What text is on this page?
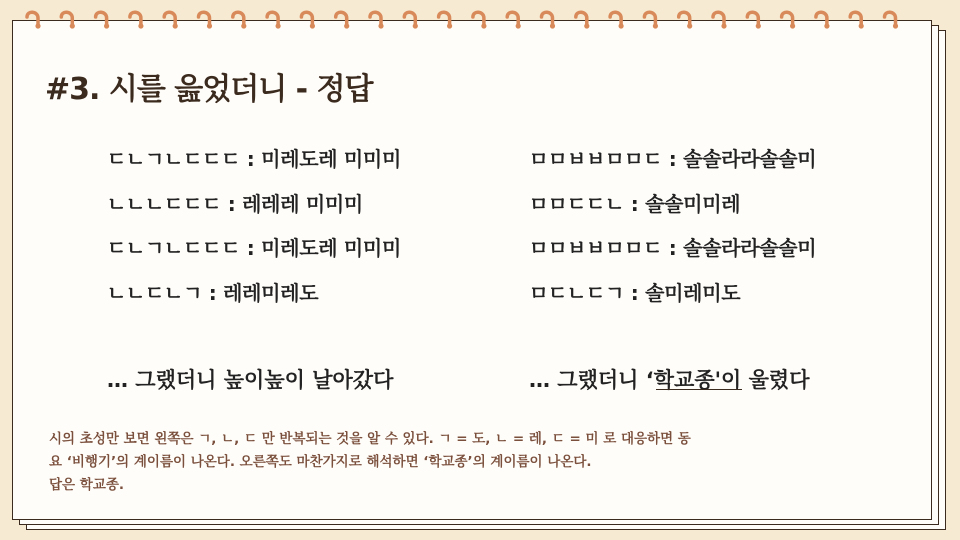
#3. 시를 읊었더니 - 정답
ㄷㄴㄱㄴㄷㄷㄷ : 미레도레 미미미
ㄴㄴㄴㄷㄷㄷ : 레레레 미미미
ㄷㄴㄱㄴㄷㄷㄷ : 미레도레 미미미
ㄴㄴㄷㄴㄱ : 레레미레도
ㅁㅁㅂㅂㅁㅁㄷ : 솔솔라라솔솔미
ㅁㅁㄷㄷㄴ : 솔솔미미레
ㅁㅁㅂㅂㅁㅁㄷ : 솔솔라라솔솔미
ㅁㄷㄴㄷㄱ : 솔미레미도
… 그랬더니 높이높이 날아갔다	… 그랬더니 ‘학교종'이 울렸다
시의 초성만 보면 왼쪽은 ㄱ, ㄴ, ㄷ 만 반복되는 것을 알 수 있다. ㄱ = 도, ㄴ = 레, ㄷ = 미 로 대응하면 동
요 ‘비행기’의 계이름이 나온다. 오른쪽도 마찬가지로 해석하면 ‘학교종’의 계이름이 나온다.
답은 학교종.
